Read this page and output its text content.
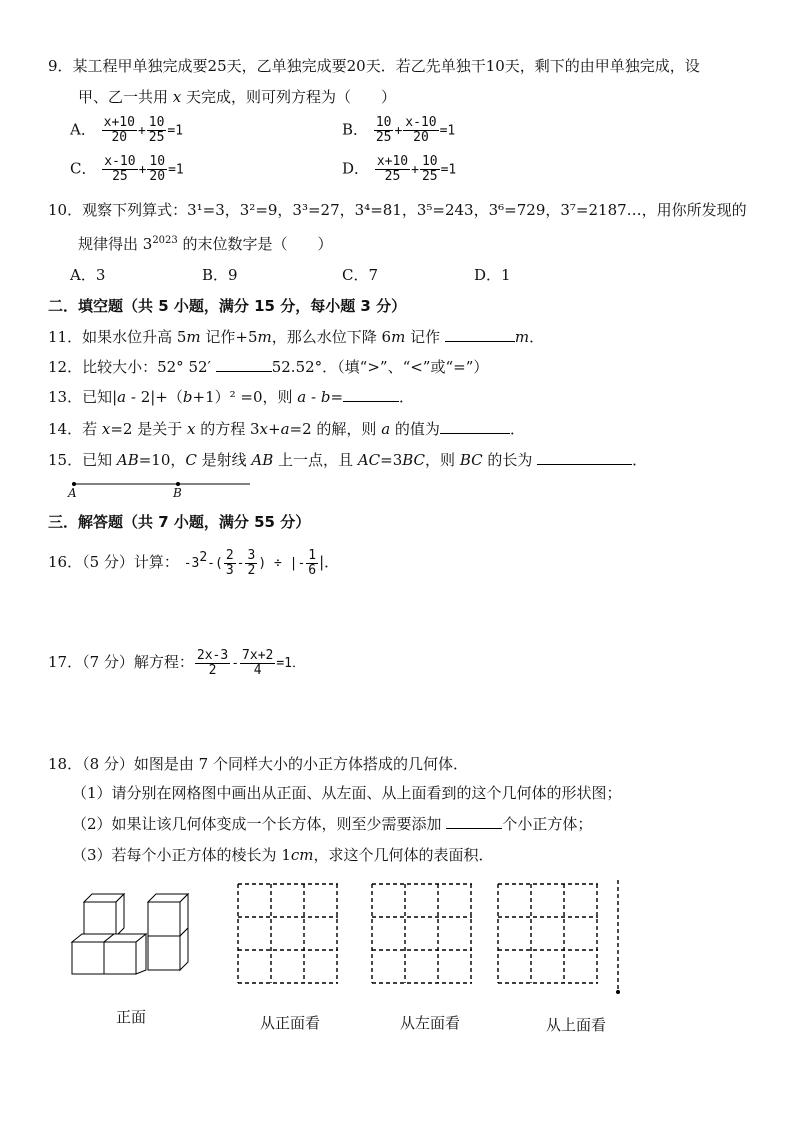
9．某工程甲单独完成要25天，乙单独完成要20天．若乙先单独干10天，剩下的由甲单独完成，设
甲、乙一共用 x 天完成，则可列方程为（　　）
A． $\frac{x+10}{20} + \frac{10}{25} =1$	B． $\frac{10}{25} + \frac{x-10}{20} =1$
C． $\frac{x-10}{25} + \frac{10}{20} =1$	D． $\frac{x+10}{25} + \frac{10}{25} =1$
10．观察下列算式：3¹=3，3²=9，3³=27，3⁴=81，3⁵=243，3⁶=729，3⁷=2187…，用你所发现的
规律得出 $3^{2023}$ 的末位数字是（　　）
A．3	B．9	C．7	D．1
二．填空题（共 5 小题，满分 15 分，每小题 3 分）
11．如果水位升高 5m 记作+5m，那么水位下降 6m 记作	m．
12．比较大小：52° 52′	52.52°．（填“>”、“<”或“=”）
13．已知|a - 2|+（b+1）² =0，则 a - b=	．
14．若 x=2 是关于 x 的方程 3x+a=2 的解，则 a 的值为	．
15．已知 AB=10，C 是射线 AB 上一点，且 AC=3BC，则 BC 的长为	．
A	B
三．解答题（共 7 小题，满分 55 分）
16．（5 分）计算： $-3^2-( \frac{2}{3} - \frac{3}{2}$ ) ÷ |- $\frac{1}{6}$ |．
17．（7 分）解方程： $\frac{2x-3}{2} - \frac{7x+2}{4} =1$．
18．（8 分）如图是由 7 个同样大小的小正方体搭成的几何体．
（1）请分别在网格图中画出从正面、从左面、从上面看到的这个几何体的形状图；
（2）如果让该几何体变成一个长方体，则至少需要添加	个小正方体；
（3）若每个小正方体的棱长为 1cm，求这个几何体的表面积．
正面	从正面看	从左面看	从上面看
